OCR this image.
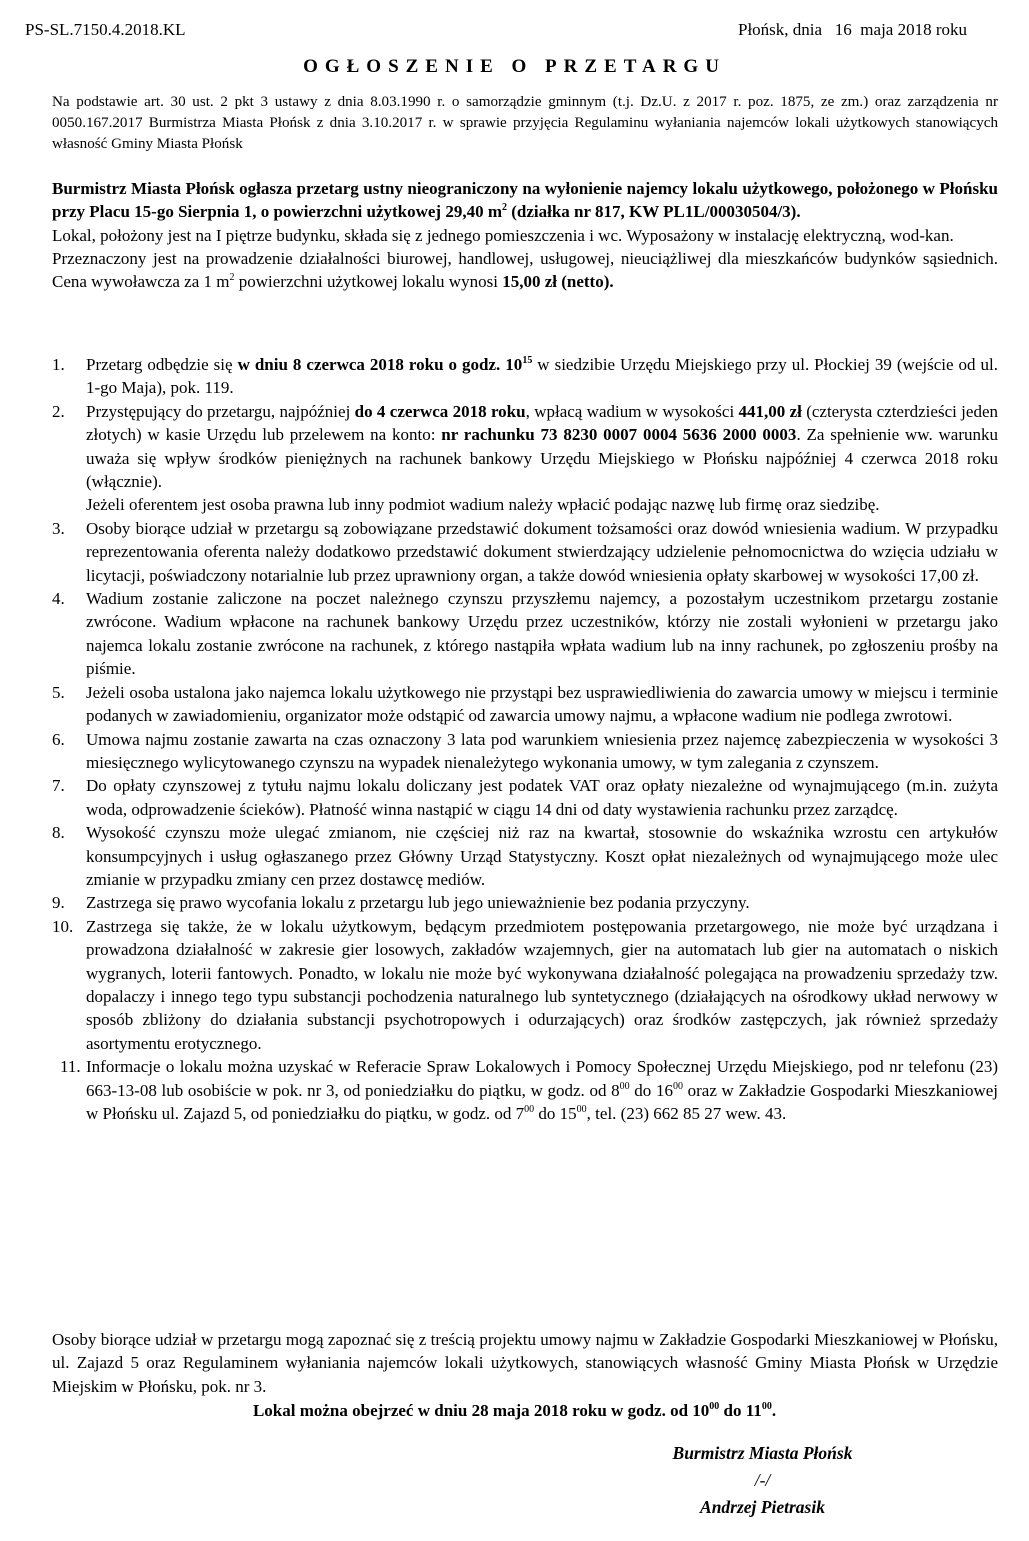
PS-SL.7150.4.2018.KL	Płońsk, dnia   16  maja 2018 roku
OGŁOSZENIE O PRZETARGU
Na podstawie art. 30 ust. 2 pkt 3 ustawy z dnia 8.03.1990 r. o samorządzie gminnym (t.j. Dz.U. z 2017 r. poz. 1875, ze zm.) oraz zarządzenia nr 0050.167.2017 Burmistrza Miasta Płońsk z dnia 3.10.2017 r. w sprawie przyjęcia Regulaminu wyłaniania najemców lokali użytkowych stanowiących własność Gminy Miasta Płońsk

Burmistrz Miasta Płońsk ogłasza przetarg ustny nieograniczony na wyłonienie najemcy lokalu użytkowego, położonego w Płońsku przy Placu 15-go Sierpnia 1, o powierzchni użytkowej 29,40 $m^2$ (działka nr 817, KW PL1L/00030504/3).

Lokal, położony jest na I piętrze budynku, składa się z jednego pomieszczenia i wc. Wyposażony w instalację elektryczną, wod-kan.

Przeznaczony jest na prowadzenie działalności biurowej, handlowej, usługowej, nieuciążliwej dla mieszkańców budynków sąsiednich. Cena wywoławcza za 1 $m^2$ powierzchni użytkowej lokalu wynosi 15,00 zł (netto).

1. Przetarg odbędzie się w dniu 8 czerwca 2018 roku o godz. $10^{15}$ w siedzibie Urzędu Miejskiego przy ul. Płockiej 39 (wejście od ul. 1-go Maja), pok. 119.
2. Przystępujący do przetargu, najpóźniej do 4 czerwca 2018 roku, wpłacą wadium w wysokości 441,00 zł (czterysta czterdzieści jeden złotych) w kasie Urzędu lub przelewem na konto: nr rachunku 73 8230 0007 0004 5636 2000 0003. Za spełnienie ww. warunku uważa się wpływ środków pieniężnych na rachunek bankowy Urzędu Miejskiego w Płońsku najpóźniej 4 czerwca 2018 roku (włącznie).
Jeżeli oferentem jest osoba prawna lub inny podmiot wadium należy wpłacić podając nazwę lub firmę oraz siedzibę.
3. Osoby biorące udział w przetargu są zobowiązane przedstawić dokument tożsamości oraz dowód wniesienia wadium. W przypadku reprezentowania oferenta należy dodatkowo przedstawić dokument stwierdzający udzielenie pełnomocnictwa do wzięcia udziału w licytacji, poświadczony notarialnie lub przez uprawniony organ, a także dowód wniesienia opłaty skarbowej w wysokości 17,00 zł.
4. Wadium zostanie zaliczone na poczet należnego czynszu przyszłemu najemcy, a pozostałym uczestnikom przetargu zostanie zwrócone. Wadium wpłacone na rachunek bankowy Urzędu przez uczestników, którzy nie zostali wyłonieni w przetargu jako najemca lokalu zostanie zwrócone na rachunek, z którego nastąpiła wpłata wadium lub na inny rachunek, po zgłoszeniu prośby na piśmie.
5. Jeżeli osoba ustalona jako najemca lokalu użytkowego nie przystąpi bez usprawiedliwienia do zawarcia umowy w miejscu i terminie podanych w zawiadomieniu, organizator może odstąpić od zawarcia umowy najmu, a wpłacone wadium nie podlega zwrotowi.
6. Umowa najmu zostanie zawarta na czas oznaczony 3 lata pod warunkiem wniesienia przez najemcę zabezpieczenia w wysokości 3 miesięcznego wylicytowanego czynszu na wypadek nienależytego wykonania umowy, w tym zalegania z czynszem.
7. Do opłaty czynszowej z tytułu najmu lokalu doliczany jest podatek VAT oraz opłaty niezależne od wynajmującego (m.in. zużyta woda, odprowadzenie ścieków). Płatność winna nastąpić w ciągu 14 dni od daty wystawienia rachunku przez zarządcę.
8. Wysokość czynszu może ulegać zmianom, nie częściej niż raz na kwartał, stosownie do wskaźnika wzrostu cen artykułów konsumpcyjnych i usług ogłaszanego przez Główny Urząd Statystyczny. Koszt opłat niezależnych od wynajmującego może ulec zmianie w przypadku zmiany cen przez dostawcę mediów.
9. Zastrzega się prawo wycofania lokalu z przetargu lub jego unieważnienie bez podania przyczyny.
10. Zastrzega się także, że w lokalu użytkowym, będącym przedmiotem postępowania przetargowego, nie może być urządzana i prowadzona działalność w zakresie gier losowych, zakładów wzajemnych, gier na automatach lub gier na automatach o niskich wygranych, loterii fantowych. Ponadto, w lokalu nie może być wykonywana działalność polegająca na prowadzeniu sprzedaży tzw. dopalaczy i innego tego typu substancji pochodzenia naturalnego lub syntetycznego (działających na ośrodkowy układ nerwowy w sposób zbliżony do działania substancji psychotropowych i odurzających) oraz środków zastępczych, jak również sprzedaży asortymentu erotycznego.
11. Informacje o lokalu można uzyskać w Referacie Spraw Lokalowych i Pomocy Społecznej Urzędu Miejskiego, pod nr telefonu (23) 663-13-08 lub osobiście w pok. nr 3, od poniedziałku do piątku, w godz. od $8^{00}$ do $16^{00}$ oraz w Zakładzie Gospodarki Mieszkaniowej w Płońsku ul. Zajazd 5, od poniedziałku do piątku, w godz. od $7^{00}$ do $15^{00}$, tel. (23) 662 85 27 wew. 43.
Osoby biorące udział w przetargu mogą zapoznać się z treścią projektu umowy najmu w Zakładzie Gospodarki Mieszkaniowej w Płońsku, ul. Zajazd 5 oraz Regulaminem wyłaniania najemców lokali użytkowych, stanowiących własność Gminy Miasta Płońsk w Urzędzie Miejskim w Płońsku, pok. nr 3.
Lokal można obejrzeć w dniu 28 maja 2018 roku w godz. od $10^{00}$ do $11^{00}$.
Burmistrz Miasta Płońsk
/-/
Andrzej Pietrasik
